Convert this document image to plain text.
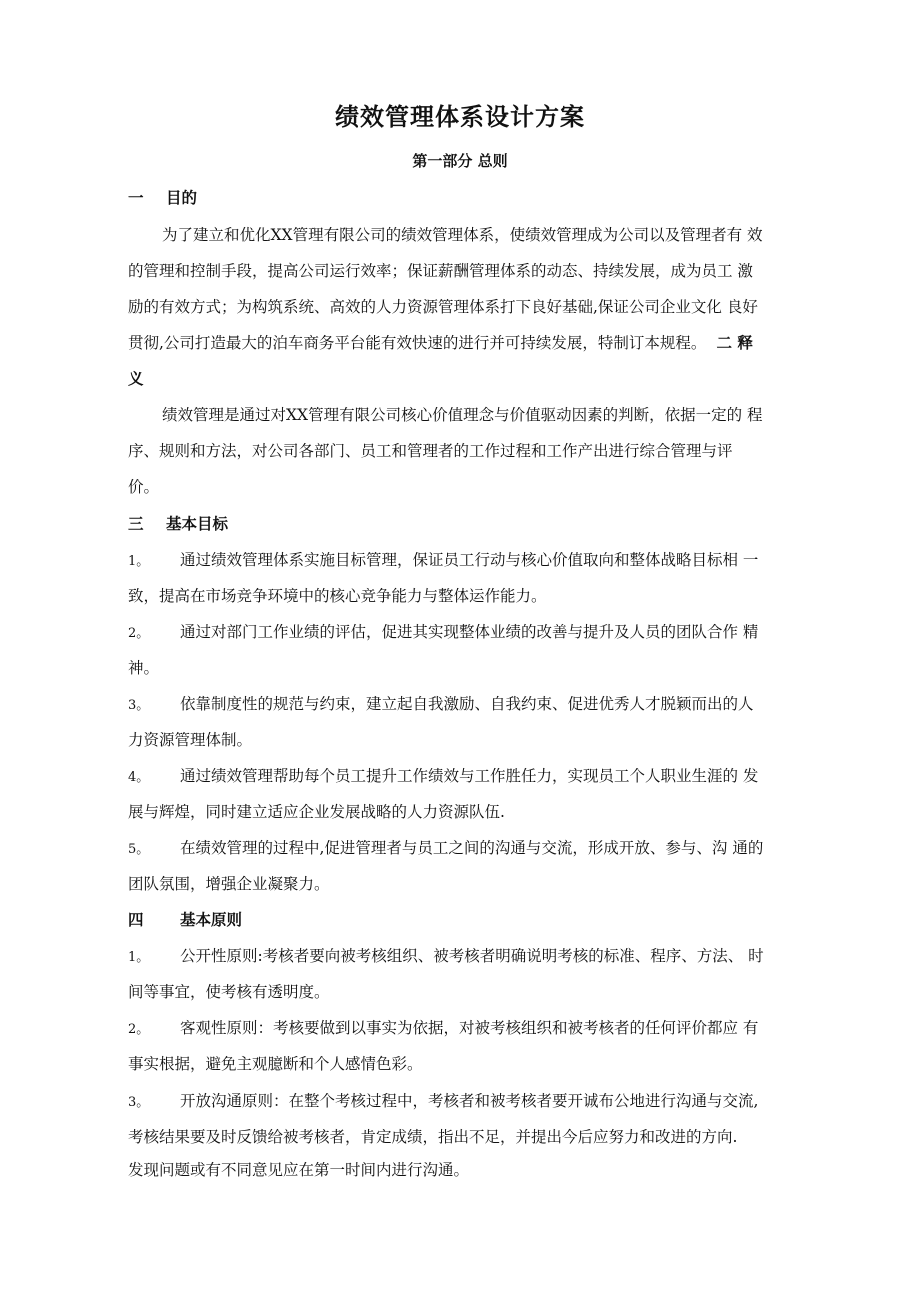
绩效管理体系设计方案
第一部分 总则
一 目的
为了建立和优化XX管理有限公司的绩效管理体系，使绩效管理成为公司以及管理者有 效
的管理和控制手段，提高公司运行效率；保证薪酬管理体系的动态、持续发展，成为员工 激
励的有效方式；为构筑系统、高效的人力资源管理体系打下良好基础,保证公司企业文化 良好
贯彻,公司打造最大的泊车商务平台能有效快速的进行并可持续发展，特制订本规程。 二 释
义
绩效管理是通过对XX管理有限公司核心价值理念与价值驱动因素的判断，依据一定的 程
序、规则和方法，对公司各部门、员工和管理者的工作过程和工作产出进行综合管理与评
价。
三 基本目标
1。 通过绩效管理体系实施目标管理，保证员工行动与核心价值取向和整体战略目标相 一
致，提高在市场竞争环境中的核心竞争能力与整体运作能力。
2。 通过对部门工作业绩的评估，促进其实现整体业绩的改善与提升及人员的团队合作 精
神。
3。 依靠制度性的规范与约束，建立起自我激励、自我约束、促进优秀人才脱颖而出的人
力资源管理体制。
4。 通过绩效管理帮助每个员工提升工作绩效与工作胜任力，实现员工个人职业生涯的 发
展与辉煌，同时建立适应企业发展战略的人力资源队伍.
5。 在绩效管理的过程中,促进管理者与员工之间的沟通与交流，形成开放、参与、沟 通的
团队氛围，增强企业凝聚力。
四 基本原则
1。 公开性原则:考核者要向被考核组织、被考核者明确说明考核的标准、程序、方法、 时
间等事宜，使考核有透明度。
2。 客观性原则：考核要做到以事实为依据，对被考核组织和被考核者的任何评价都应 有
事实根据，避免主观臆断和个人感情色彩。
3。 开放沟通原则：在整个考核过程中，考核者和被考核者要开诚布公地进行沟通与交流,
考核结果要及时反馈给被考核者，肯定成绩，指出不足，并提出今后应努力和改进的方向.
发现问题或有不同意见应在第一时间内进行沟通。
